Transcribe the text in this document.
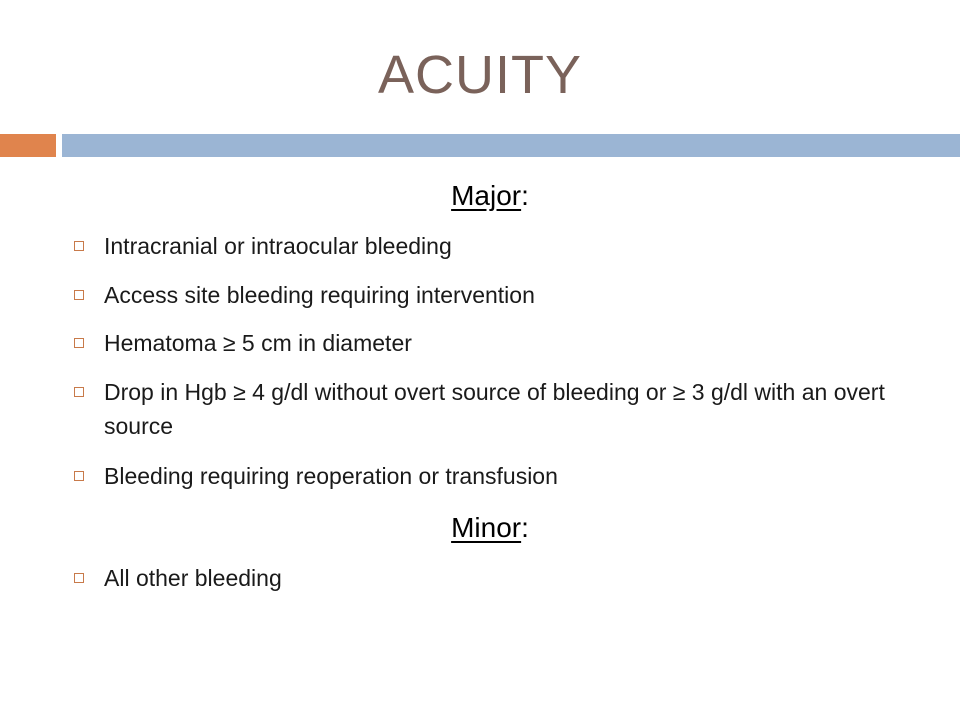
ACUITY
Major:
Intracranial or intraocular bleeding
Access site bleeding requiring intervention
Hematoma ≥ 5 cm in diameter
Drop in Hgb ≥ 4 g/dl without overt source of bleeding or ≥ 3 g/dl with an overt source
Bleeding requiring reoperation or transfusion
Minor:
All other bleeding
